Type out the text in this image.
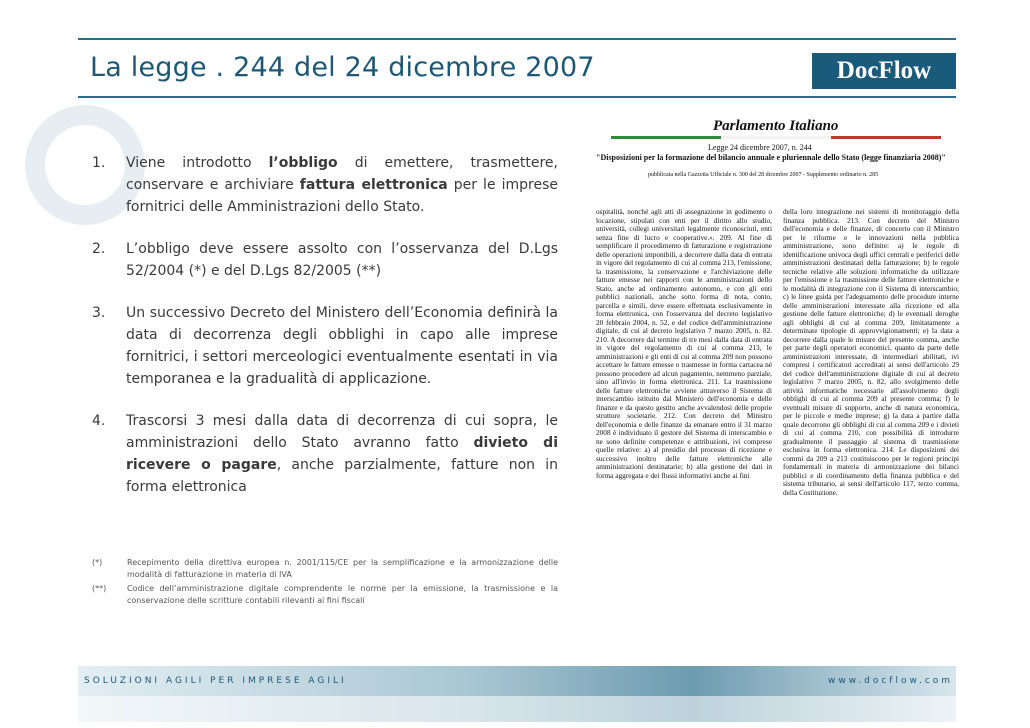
La legge . 244 del 24 dicembre 2007	DocFlow
1.	Viene introdotto l’obbligo di emettere, trasmettere, conservare e archiviare fattura elettronica per le imprese fornitrici delle Amministrazioni dello Stato.
2.	L’obbligo deve essere assolto con l’osservanza del D.Lgs 52/2004 (*) e del D.Lgs 82/2005 (**)
3.	Un successivo Decreto del Ministero dell’Economia definirà la data di decorrenza degli obblighi in capo alle imprese fornitrici, i settori merceologici eventualmente esentati in via temporanea e la gradualità di applicazione.
4.	Trascorsi 3 mesi dalla data di decorrenza di cui sopra, le amministrazioni dello Stato avranno fatto divieto di ricevere o pagare, anche parzialmente, fatture non in forma elettronica
(*)	Recepimento della direttiva europea n. 2001/115/CE per la semplificazione e la armonizzazione delle modalità di fatturazione in materia di IVA
(**)	Codice dell’amministrazione digitale comprendente le norme per la emissione, la trasmissione e la conservazione delle scritture contabili rilevanti ai fini fiscali
Parlamento Italiano
Legge 24 dicembre 2007, n. 244
"Disposizioni per la formazione del bilancio annuale e pluriennale dello Stato (legge finanziaria 2008)"
pubblicata nella Gazzetta Ufficiale n. 300 del 28 dicembre 2007 - Supplemento ordinario n. 285
ospitalità, nonché agli atti di assegnazione in godimento o locazione, stipulati con enti per il diritto allo studio, università, collegi universitari legalmente riconosciuti, enti senza fine di lucro e cooperative.». 209. Al fine di semplificare il procedimento di fatturazione e registrazione delle operazioni imponibili, a decorrere dalla data di entrata in vigore del regolamento di cui al comma 213, l'emissione, la trasmissione, la conservazione e l'archiviazione delle fatture emesse nei rapporti con le amministrazioni dello Stato, anche ad ordinamento autonomo, e con gli enti pubblici nazionali, anche sotto forma di nota, conto, parcella e simili, deve essere effettuata esclusivamente in forma elettronica, con l'osservanza del decreto legislativo 20 febbraio 2004, n. 52, e del codice dell'amministrazione digitale, di cui al decreto legislativo 7 marzo 2005, n. 82. 210. A decorrere dal termine di tre mesi dalla data di entrata in vigore del regolamento di cui al comma 213, le amministrazioni e gli enti di cui al comma 209 non possono accettare le fatture emesse o trasmesse in forma cartacea né possono procedere ad alcun pagamento, nemmeno parziale, sino all'invio in forma elettronica. 211. La trasmissione delle fatture elettroniche avviene attraverso il Sistema di interscambio istituito dal Ministero dell'economia e delle finanze e da questo gestito anche avvalendosi delle proprie strutture societarie. 212. Con decreto del Ministro dell'economia e delle finanze da emanare entro il 31 marzo 2008 è individuato il gestore del Sistema di interscambio e ne sono definite competenze e attribuzioni, ivi comprese quelle relative: a) al presidio del processo di ricezione e successivo inoltro delle fatture elettroniche alle amministrazioni destinatarie; b) alla gestione dei dati in forma aggregata e dei flussi informativi anche ai fini
della loro integrazione nei sistemi di monitoraggio della finanza pubblica. 213. Con decreto del Ministro dell'economia e delle finanze, di concerto con il Ministro per le riforme e le innovazioni nella pubblica amministrazione, sono definite: a) le regole di identificazione univoca degli uffici centrali e periferici delle amministrazioni destinatari della fatturazione; b) le regole tecniche relative alle soluzioni informatiche da utilizzare per l'emissione e la trasmissione delle fatture elettroniche e le modalità di integrazione con il Sistema di interscambio; c) le linee guida per l'adeguamento delle procedure interne delle amministrazioni interessate alla ricezione ed alla gestione delle fatture elettroniche; d) le eventuali deroghe agli obblighi di cui al comma 209, limitatamente a determinate tipologie di approvvigionamenti; e) la data a decorrere dalla quale le misure del presente comma, anche per parte degli operatori economici, quanto da parte delle amministrazioni interessate, di intermediari abilitati, ivi compresi i certificatori accreditati ai sensi dell'articolo 29 del codice dell'amministrazione digitale di cui al decreto legislativo 7 marzo 2005, n. 82, allo svolgimento delle attività informatiche necessarie all'assolvimento degli obblighi di cui al comma 209 al presente comma; f) le eventuali misure di supporto, anche di natura economica, per le piccole e medie imprese; g) la data a partire dalla quale decorrono gli obblighi di cui al comma 209 e i divieti di cui al comma 210, con possibilità di introdurre gradualmente il passaggio al sistema di trasmissione esclusiva in forma elettronica. 214. Le disposizioni dei commi da 209 a 213 costituiscono per le regioni principi fondamentali in materia di armonizzazione dei bilanci pubblici e di coordinamento della finanza pubblica e del sistema tributario, ai sensi dell'articolo 117, terzo comma, della Costituzione.
SOLUZIONI AGILI PER IMPRESE AGILI	www.docflow.com
